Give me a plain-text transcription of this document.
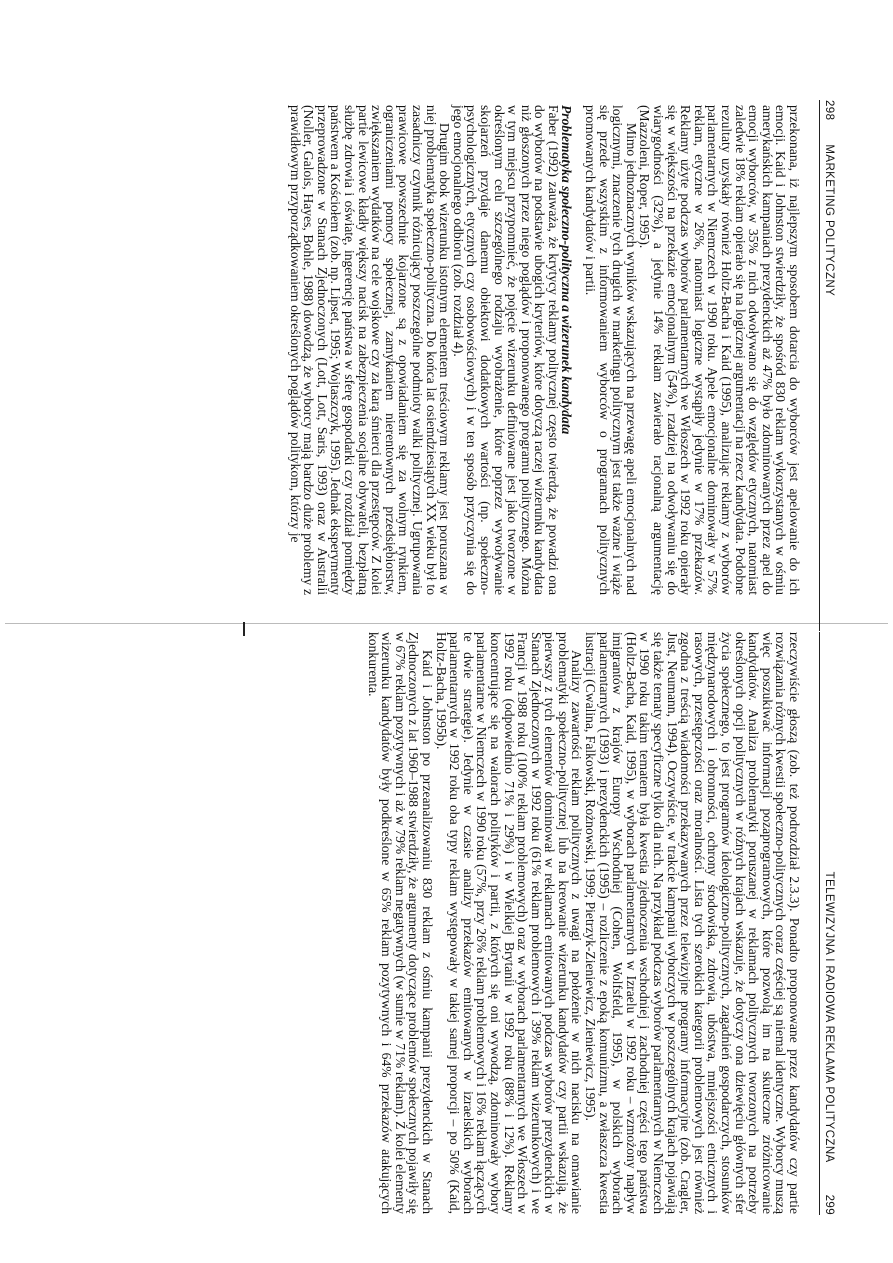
298
MARKETING POLITYCZNY

przekonana, iż najlepszym sposobem dotarcia do wyborców jest apelowanie do ich emocji. Kaid i Johnston stwierdziły, że spośród 830 reklam wykorzystanych w ośmiu amerykańskich kampaniach prezydenckich aż 47% było zdominowanych przez apel do emocji wyborców, w 35% z nich odwoływano się do względów etycznych, natomiast zaledwie 18% reklam opierało się na logicznej argumentacji na rzecz kandydata. Podobne rezultaty uzyskały również Holtz-Bacha i Kaid (1995), analizując reklamy z wyborów parlamentarnych w Niemczech w 1990 roku. Apele emocjonalne dominowały w 57% reklam, etyczne w 26%, natomiast logiczne wystąpiły jedynie w 17% przekazów. Reklamy użyte podczas wyborów parlamentarnych we Włoszech w 1992 roku opierały się w większości na przekazie emocjonalnym (54%), rzadziej na odwoływaniu się do wiarygodności (32%), a jedynie 14% reklam zawierało racjonalną argumentację (Mazzoleni, Roper, 1995).

Mimo jednoznacznych wyników wskazujących na przewagę apeli emocjonalnych nad logicznymi, znaczenie tych drugich w marketingu politycznym jest także ważne i wiąże się przede wszystkim z informowaniem wyborców o programach politycznych promowanych kandydatów i partii.

Problematyka społeczno-polityczna a wizerunek kandydata

Faber (1992) zauważa, że krytycy reklamy politycznej często twierdzą, że powadzi ona do wyborów na podstawie ubogich kryteriów, które dotyczą raczej wizerunku kandydata niż głoszonych przez niego poglądów i proponowanego programu politycznego. Można w tym miejscu przypomnieć, że pojęcie wizerunku definiowane jest jako tworzone w określonym celu szczególnego rodzaju wyobrażenie, które poprzez wywoływanie skojarzeń przydaje danemu obiektowi dodatkowych wartości (np. społeczno-psychologicznych, etycznych czy osobowościowych) i w ten sposób przyczynia się do jego emocjonalnego odbioru (zob. rozdział 4).

Drugim obok wizerunku istotnym elementem treściowym reklamy jest poruszana w niej problematyka społeczno-polityczna. Do końca lat osiemdziesiątych XX wieku był to zasadniczy czynnik różnicujący poszczególne podmioty walki politycznej. Ugrupowania prawicowe powszechnie kojarzone są z opowiadaniem się za wolnym rynkiem, ograniczeniami pomocy społecznej, zamykaniem nierentownych przedsiębiorstw, zwiększaniem wydatków na cele wojskowe czy za karą śmierci dla przestępców. Z kolei partie lewicowe kładły większy nacisk na zabezpieczenia socjalne obywateli, bezpłatną służbę zdrowia i oświatę, ingerencję państwa w sferę gospodarki czy rozdział pomiędzy państwem a Kościołem (zob. np. Lipset, 1995; Wojtaszczyk, 1995). Jednak eksperymenty przeprowadzone w Stanach Zjednoczonych (Lott, Lott, Saris, 1993) oraz w Australii (Noller, Galois, Hayes, Bohle, 1988) dowodzą, że wyborcy mają bardzo duże problemy z prawidłowym przyporządkowaniem określonych poglądów politykom, którzy je

TELEWIZYJNA I RADIOWA REKLAMA POLITYCZNA
299

rzeczywiście głoszą (zob. też podrozdział 2.3.3). Ponadto proponowane przez kandydatów czy partie rozwiązania różnych kwestii społeczno-politycznych coraz częściej są niemal identyczne. Wyborcy muszą więc poszukiwać informacji pozaprogramowych, które pozwolą im na skuteczne zróżnicowanie kandydatów. Analiza problematyki poruszanej w reklamach politycznych tworzonych na potrzeby określonych opcji politycznych w różnych krajach wskazuje, że dotyczy ona dziewięciu głównych sfer życia społecznego, to jest programów ideologiczno-politycznych, zagadnień gospodarczych, stosunków międzynarodowych i obronności, ochrony środowiska, zdrowia, ubóstwa, mniejszości etnicznych i rasowych, przestępczości oraz moralności. Lista tych szerokich kategorii problemowych jest również zgodna z treścią wiadomości przekazywanych przez telewizyjne programy informacyjne (zob. Cragler, Just, Neumann, 1994). Oczywiście, w trakcie kampanii wyborczych w poszczególnych krajach pojawiają się także tematy specyficzne tylko dla nich. Na przykład podczas wyborów parlamentarnych w Niemczech w 1990 roku takim tematem była kwestia zjednoczenia wschodniej i zachodniej części tego państwa (Holtz-Bacha, Kaid, 1995), w wyborach parlamentarnych w Izraelu w 1992 roku – wzmożony napływ imigrantów z krajów Europy Wschodniej (Cohen, Wolfsfeld, 1995), w polskich wyborach parlamentarnych (1993) i prezydenckich (1995) – rozliczenie z epoką komunizmu, a zwłaszcza kwestia lustracji (Cwalina, Falkowski, Rożnowski, 1999; Pietrzyk-Zieniewicz, Zieniewicz, 1995).

Analizy zawartości reklam politycznych z uwagi na położenie w nich nacisku na omawianie problematyki społeczno-politycznej lub na kreowanie wizerunku kandydatów czy partii wskazują, że pierwszy z tych elementów dominował w reklamach emitowanych podczas wyborów prezydenckich w Stanach Zjednoczonych w 1992 roku (61% reklam problemowych i 39% reklam wizerunkowych) i we Francji w 1988 roku (100% reklam problemowych) oraz w wyborach parlamentarnych we Włoszech w 1992 roku (odpowiednio 71% i 29%) i w Wielkiej Brytanii w 1992 roku (88% i 12%). Reklamy koncentrujące się na walorach polityków i partii, z których się oni wywodzą, zdominowały wybory parlamentarne w Niemczech w 1990 roku (57%, przy 26% reklam problemowych i 16% reklam łączących te dwie strategie). Jedynie w czasie analizy przekazów emitowanych w izraelskich wyborach parlamentarnych w 1992 roku oba typy reklam występowały w takiej samej proporcji – po 50% (Kaid, Holtz-Bacha, 1995b).

Kaid i Johnston po przeanalizowaniu 830 reklam z ośmiu kampanii prezydenckich w Stanach Zjednoczonych z lat 1960–1988 stwierdziły, że argumenty dotyczące problemów społecznych pojawiły się w 67% reklam pozytywnych i aż w 79% reklam negatywnych (w sumie w 71% reklam). Z kolei elementy wizerunku kandydatów były podkreślone w 65% reklam pozytywnych i 64% przekazów atakujących konkurenta.
